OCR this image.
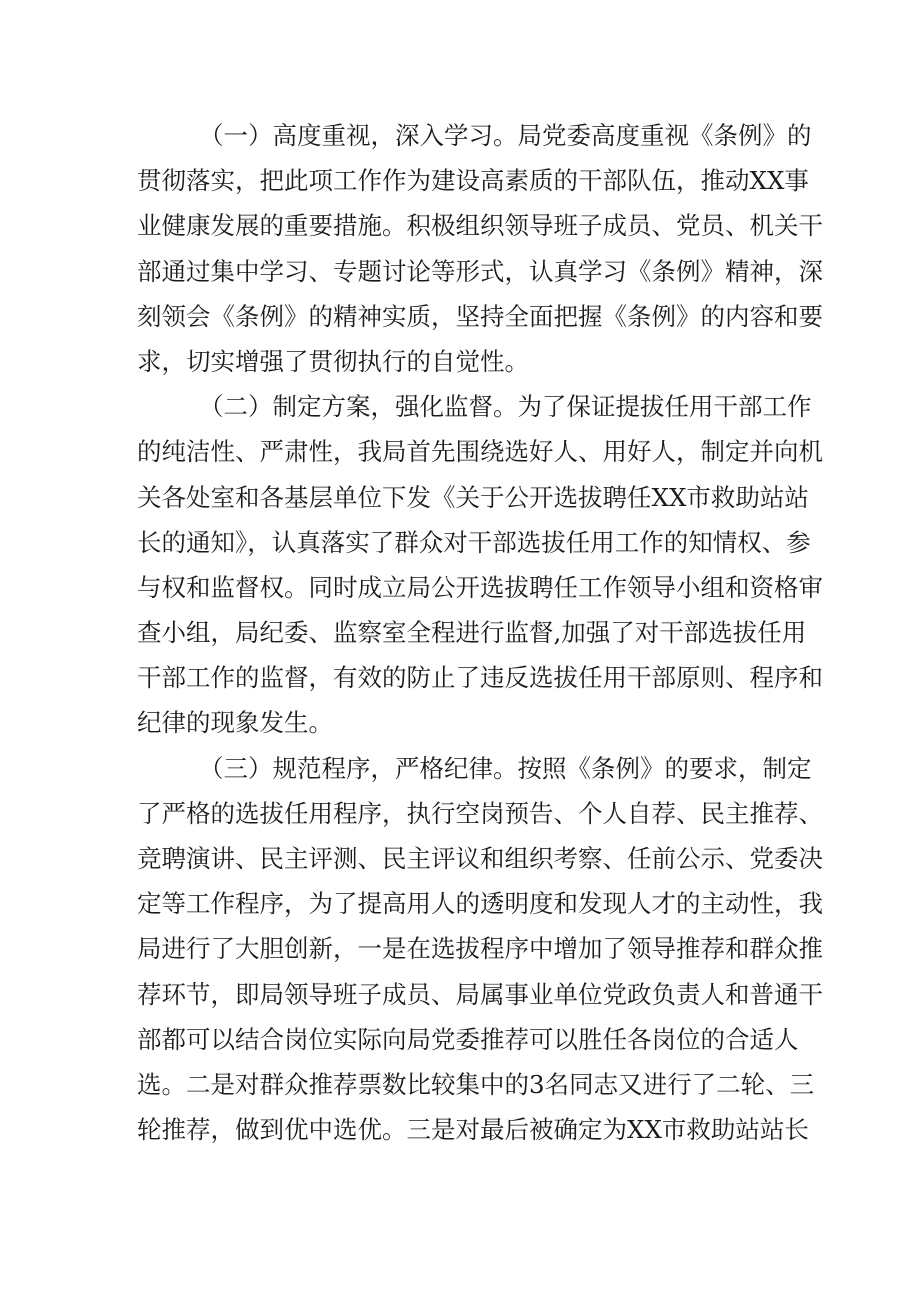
（一）高度重视，深入学习。局党委高度重视《条例》的
贯彻落实，把此项工作作为建设高素质的干部队伍，推动XX事
业健康发展的重要措施。积极组织领导班子成员、党员、机关干
部通过集中学习、专题讨论等形式，认真学习《条例》精神，深
刻领会《条例》的精神实质，坚持全面把握《条例》的内容和要
求，切实增强了贯彻执行的自觉性。
（二）制定方案，强化监督。为了保证提拔任用干部工作
的纯洁性、严肃性，我局首先围绕选好人、用好人，制定并向机
关各处室和各基层单位下发《关于公开选拔聘任XX市救助站站
长的通知》，认真落实了群众对干部选拔任用工作的知情权、参
与权和监督权。同时成立局公开选拔聘任工作领导小组和资格审
查小组，局纪委、监察室全程进行监督,加强了对干部选拔任用
干部工作的监督，有效的防止了违反选拔任用干部原则、程序和
纪律的现象发生。
（三）规范程序，严格纪律。按照《条例》的要求，制定
了严格的选拔任用程序，执行空岗预告、个人自荐、民主推荐、
竞聘演讲、民主评测、民主评议和组织考察、任前公示、党委决
定等工作程序，为了提高用人的透明度和发现人才的主动性，我
局进行了大胆创新，一是在选拔程序中增加了领导推荐和群众推
荐环节，即局领导班子成员、局属事业单位党政负责人和普通干
部都可以结合岗位实际向局党委推荐可以胜任各岗位的合适人
选。二是对群众推荐票数比较集中的3名同志又进行了二轮、三
轮推荐，做到优中选优。三是对最后被确定为XX市救助站站长
